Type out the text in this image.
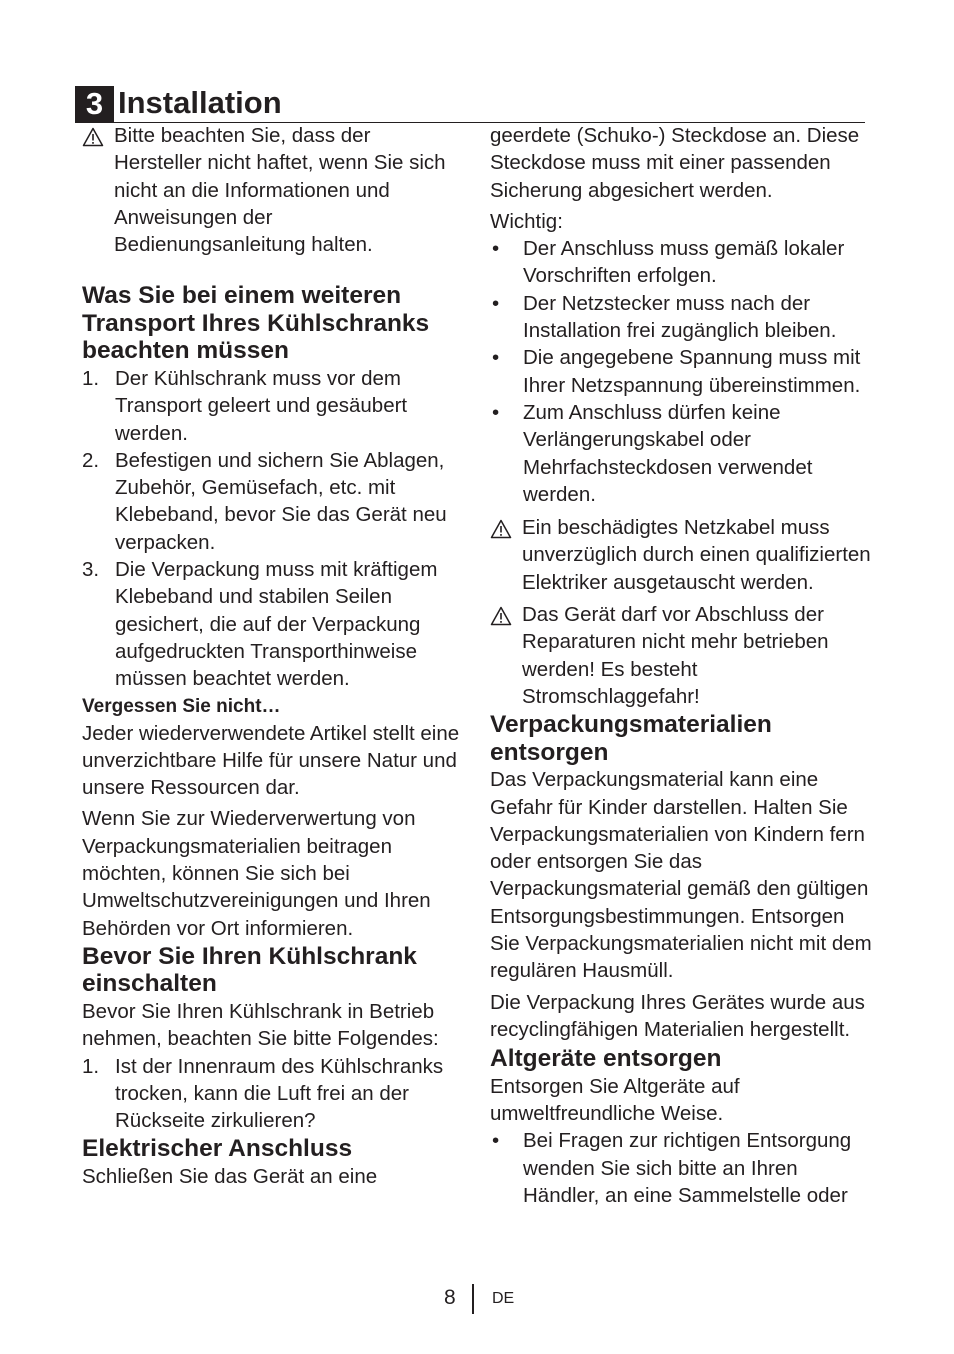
3 Installation
Bitte beachten Sie, dass der Hersteller nicht haftet, wenn Sie sich nicht an die Informationen und Anweisungen der Bedienungsanleitung halten.
Was Sie bei einem weiteren Transport Ihres Kühlschranks beachten müssen
1. Der Kühlschrank muss vor dem Transport geleert und gesäubert werden.
2. Befestigen und sichern Sie Ablagen, Zubehör, Gemüsefach, etc. mit Klebeband, bevor Sie das Gerät neu verpacken.
3. Die Verpackung muss mit kräftigem Klebeband und stabilen Seilen gesichert, die auf der Verpackung aufgedruckten Transporthinweise müssen beachtet werden.
Vergessen Sie nicht…

Jeder wiederverwendete Artikel stellt eine unverzichtbare Hilfe für unsere Natur und unsere Ressourcen dar.

Wenn Sie zur Wiederverwertung von Verpackungsmaterialien beitragen möchten, können Sie sich bei Umweltschutzvereinigungen und Ihren Behörden vor Ort informieren.

Bevor Sie Ihren Kühlschrank einschalten

Bevor Sie Ihren Kühlschrank in Betrieb nehmen, beachten Sie bitte Folgendes:

1. Ist der Innenraum des Kühlschranks trocken, kann die Luft frei an der Rückseite zirkulieren?
Elektrischer Anschluss

Schließen Sie das Gerät an eine

geerdete (Schuko-) Steckdose an. Diese Steckdose muss mit einer passenden Sicherung abgesichert werden.

Wichtig:

• Der Anschluss muss gemäß lokaler Vorschriften erfolgen.
• Der Netzstecker muss nach der Installation frei zugänglich bleiben.
• Die angegebene Spannung muss mit Ihrer Netzspannung übereinstimmen.
• Zum Anschluss dürfen keine Verlängerungskabel oder Mehrfachsteckdosen verwendet werden.
Ein beschädigtes Netzkabel muss unverzüglich durch einen qualifizierten Elektriker ausgetauscht werden.
Das Gerät darf vor Abschluss der Reparaturen nicht mehr betrieben werden! Es besteht Stromschlaggefahr!
Verpackungsmaterialien entsorgen

Das Verpackungsmaterial kann eine Gefahr für Kinder darstellen. Halten Sie Verpackungsmaterialien von Kindern fern oder entsorgen Sie das Verpackungsmaterial gemäß den gültigen Entsorgungsbestimmungen. Entsorgen Sie Verpackungsmaterialien nicht mit dem regulären Hausmüll.

Die Verpackung Ihres Gerätes wurde aus recyclingfähigen Materialien hergestellt.

Altgeräte entsorgen

Entsorgen Sie Altgeräte auf umweltfreundliche Weise.

• Bei Fragen zur richtigen Entsorgung wenden Sie sich bitte an Ihren Händler, an eine Sammelstelle oder
8 DE
